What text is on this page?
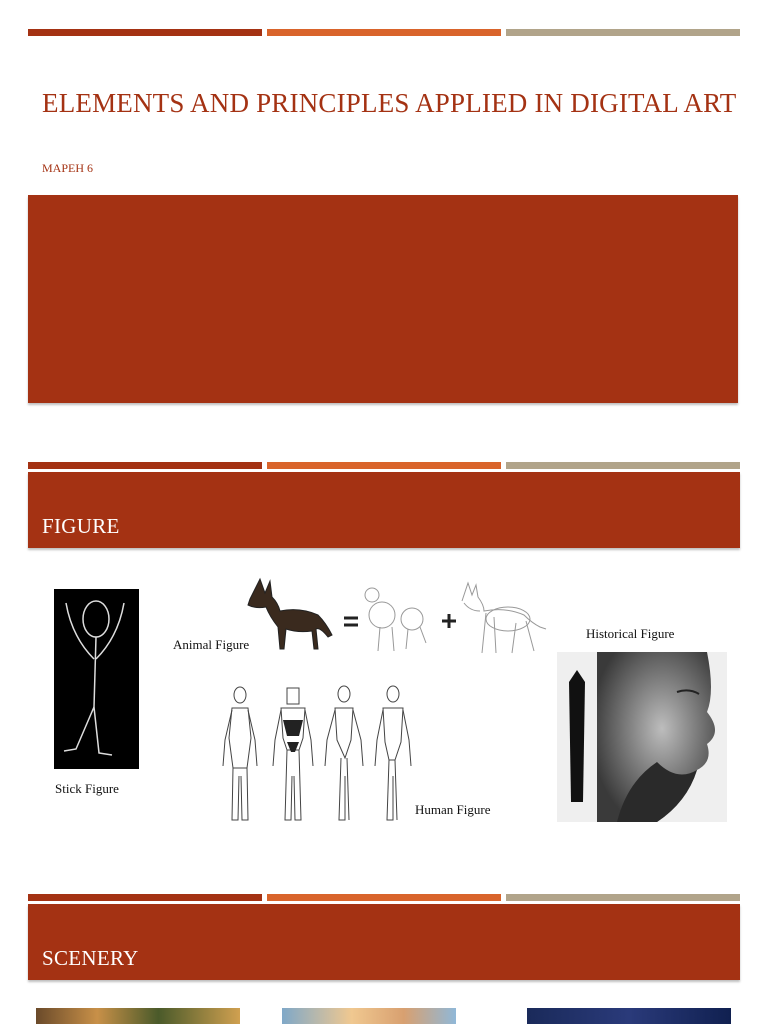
ELEMENTS AND PRINCIPLES APPLIED IN DIGITAL ART
MAPEH 6
FIGURE
Stick Figure
Animal Figure
Human Figure
Historical Figure
SCENERY
